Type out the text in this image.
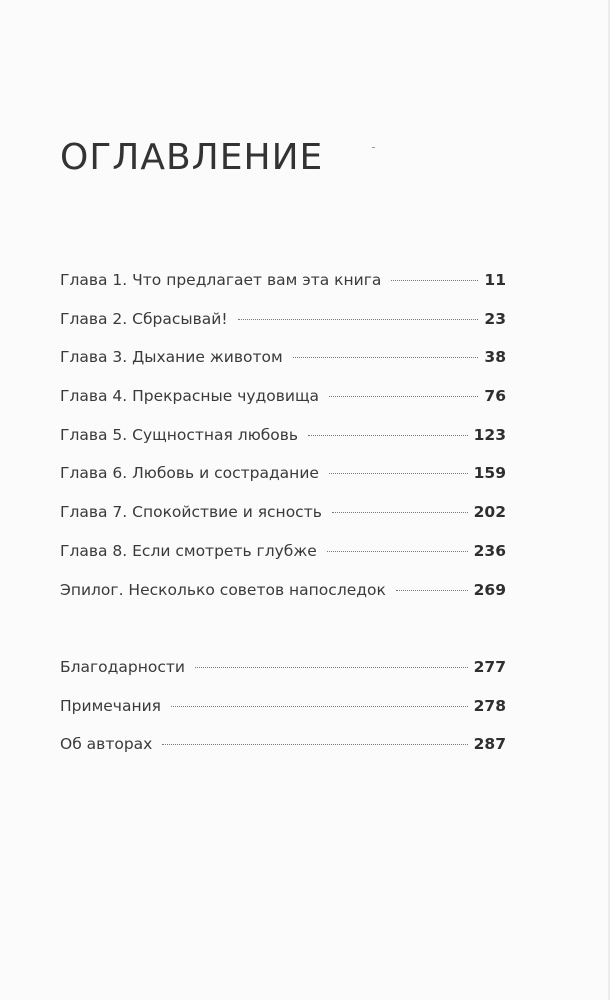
ОГЛАВЛЕНИЕ
Глава 1. Что предлагает вам эта книга	11
Глава 2. Сбрасывай!	23
Глава 3. Дыхание животом	38
Глава 4. Прекрасные чудовища	76
Глава 5. Сущностная любовь	123
Глава 6. Любовь и сострадание	159
Глава 7. Спокойствие и ясность	202
Глава 8. Если смотреть глубже	236
Эпилог. Несколько советов напоследок	269
Благодарности	277
Примечания	278
Об авторах	287
